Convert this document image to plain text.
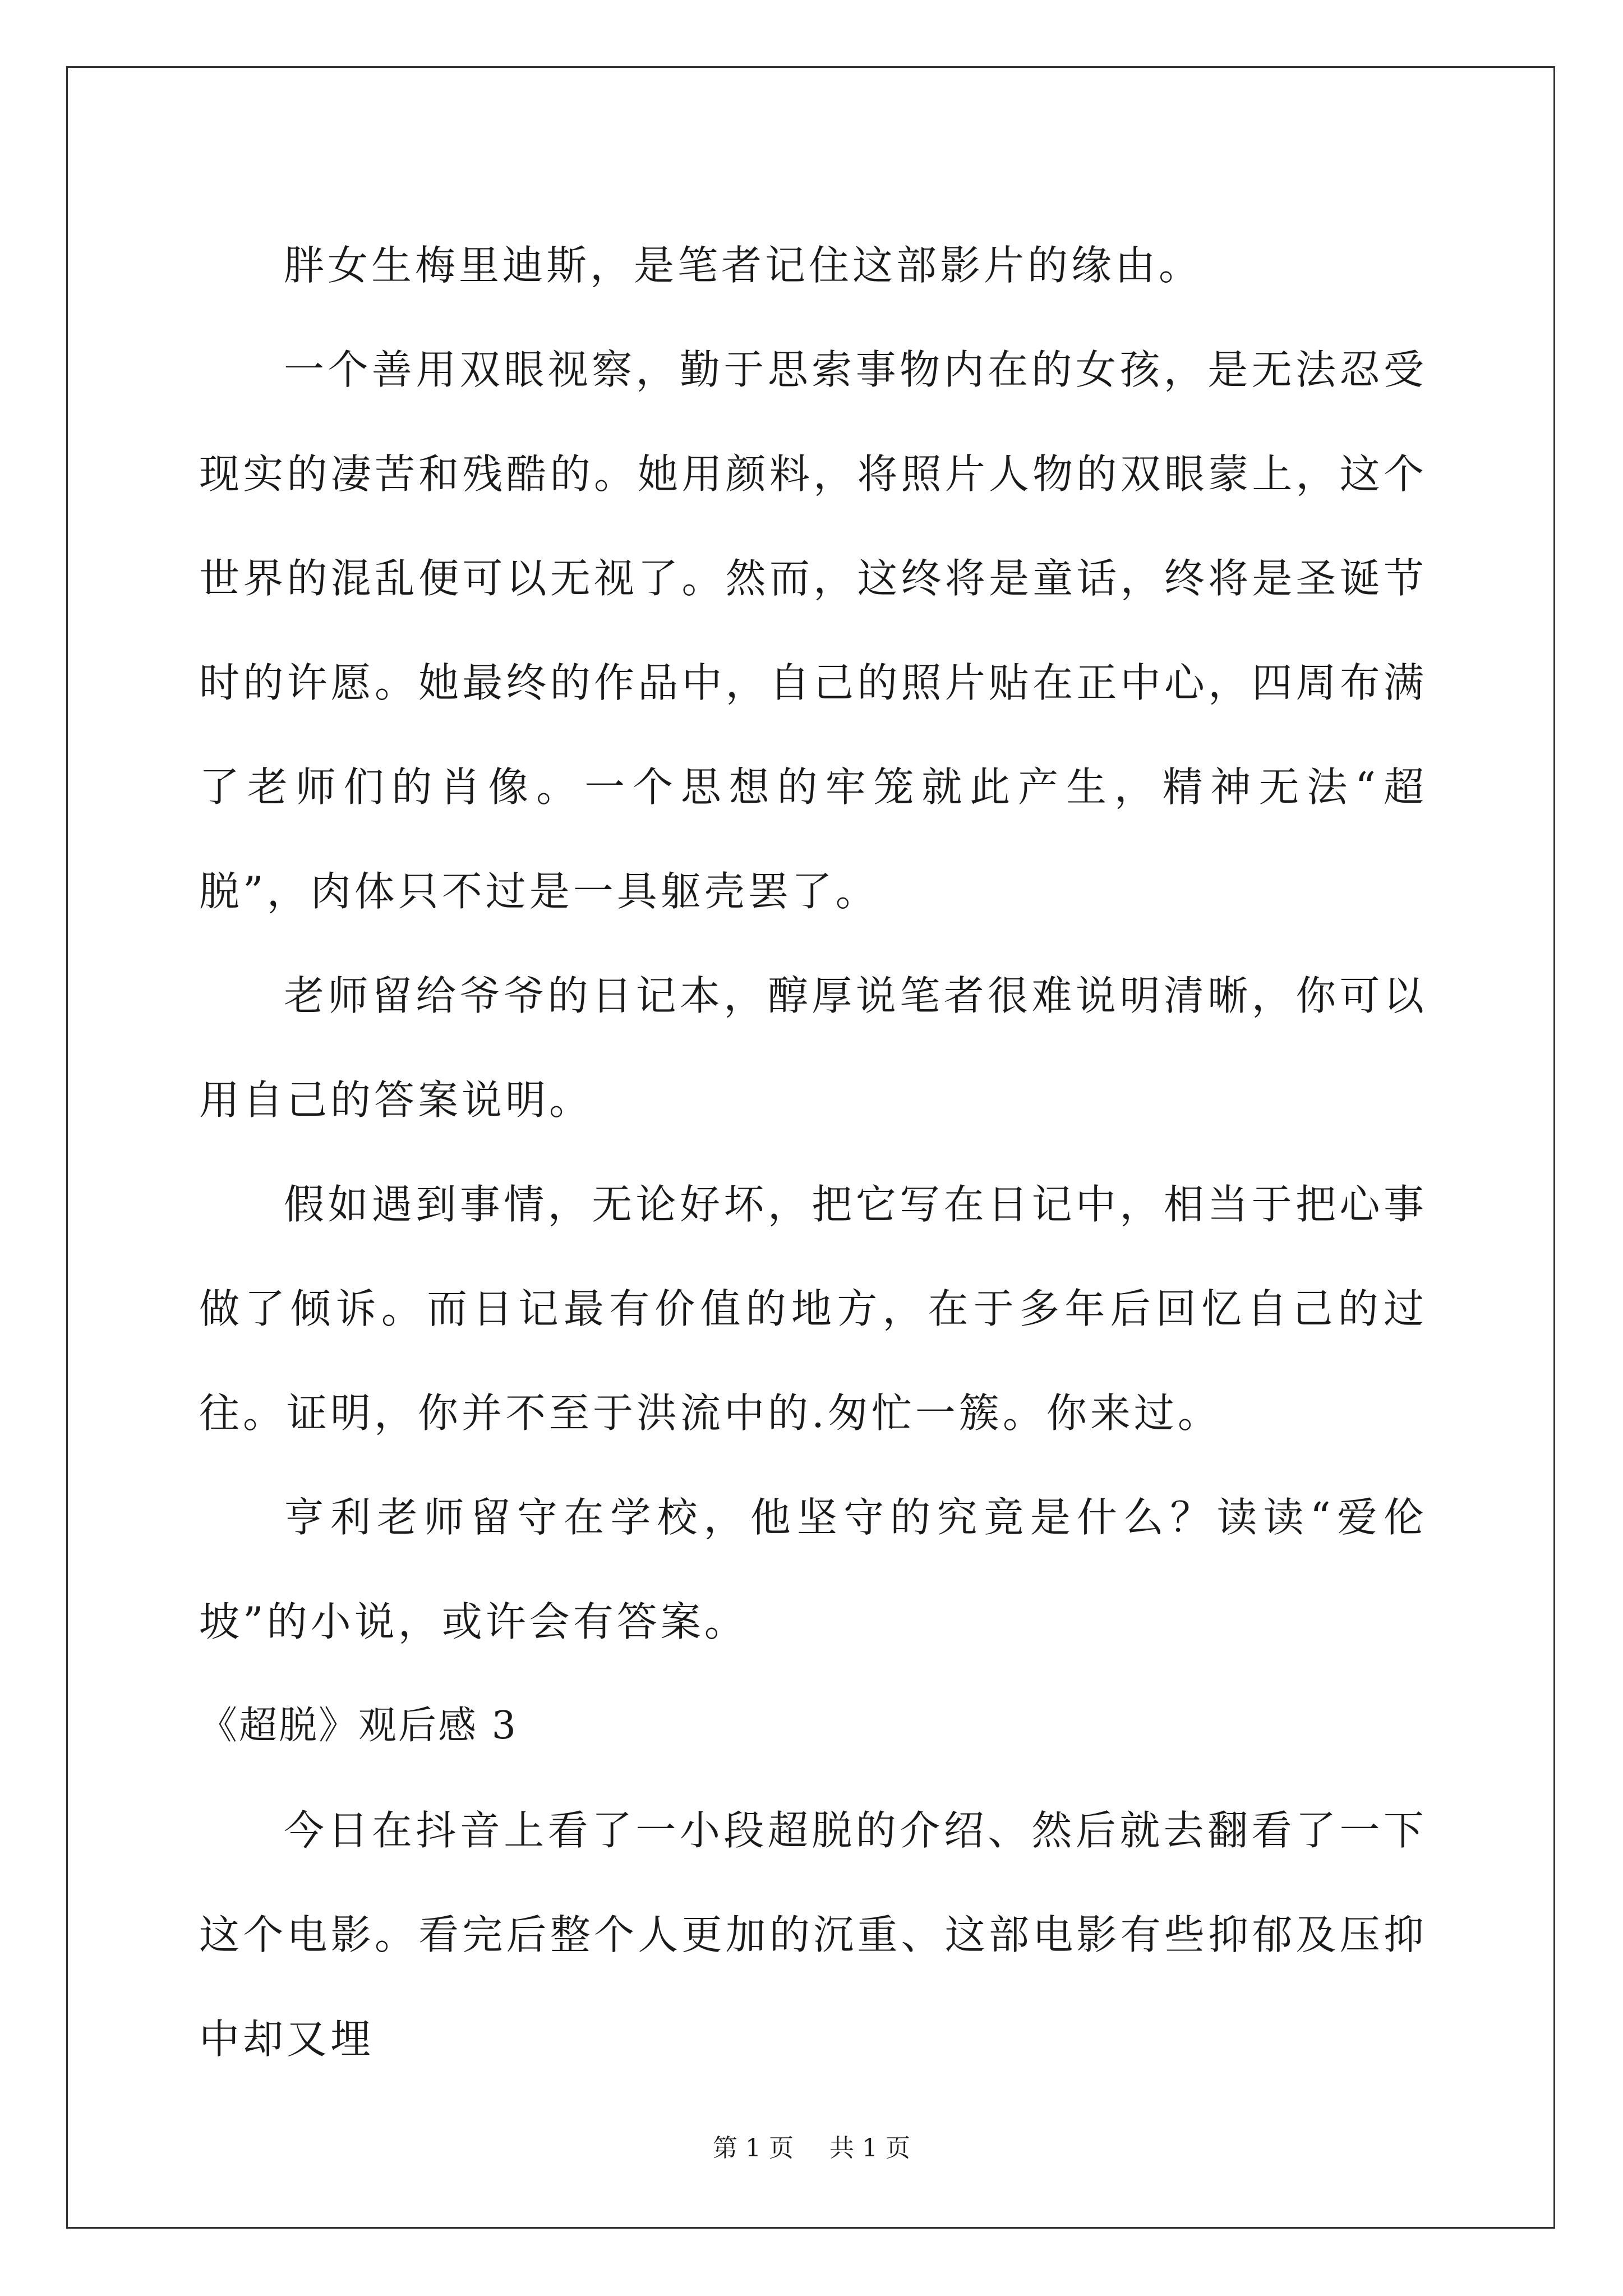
胖女生梅里迪斯，是笔者记住这部影片的缘由。

一个善用双眼视察，勤于思索事物内在的女孩，是无法忍受现实的凄苦和残酷的。她用颜料，将照片人物的双眼蒙上，这个世界的混乱便可以无视了。然而，这终将是童话，终将是圣诞节时的许愿。她最终的作品中，自己的照片贴在正中心，四周布满了老师们的肖像。一个思想的牢笼就此产生，精神无法“超脱”，肉体只不过是一具躯壳罢了。

老师留给爷爷的日记本，醇厚说笔者很难说明清晰，你可以用自己的答案说明。

假如遇到事情，无论好坏，把它写在日记中，相当于把心事做了倾诉。而日记最有价值的地方，在于多年后回忆自己的过往。证明，你并不至于洪流中的.匆忙一簇。你来过。

亨利老师留守在学校，他坚守的究竟是什么？读读“爱伦坡”的小说，或许会有答案。

《超脱》观后感 3

今日在抖音上看了一小段超脱的介绍、然后就去翻看了一下这个电影。看完后整个人更加的沉重、这部电影有些抑郁及压抑中却又埋

第 1 页 共 1 页
